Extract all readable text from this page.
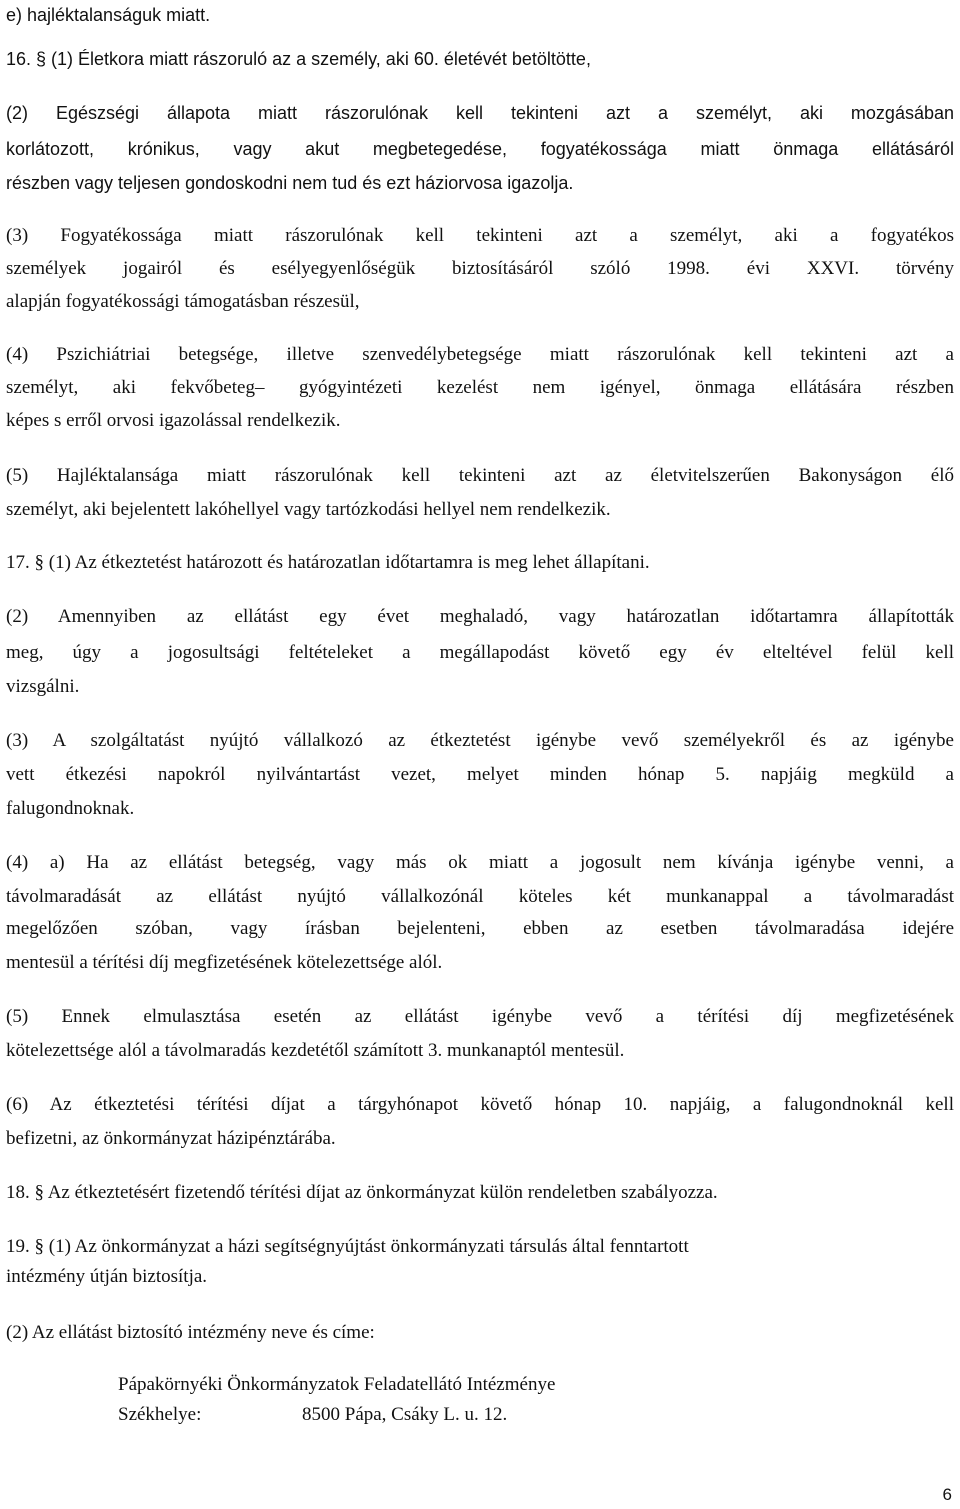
e) hajléktalanságuk miatt.

16. § (1) Életkora miatt rászoruló az a személy, aki 60. életévét betöltötte,

(2) Egészségi állapota miatt rászorulónak kell tekinteni azt a személyt, aki mozgásában

korlátozott, krónikus, vagy akut megbetegedése, fogyatékossága miatt önmaga ellátásáról

részben vagy teljesen gondoskodni nem tud és ezt háziorvosa igazolja.

(3) Fogyatékossága miatt rászorulónak kell tekinteni azt a személyt, aki a fogyatékos

személyek jogairól és esélyegyenlőségük biztosításáról szóló 1998. évi XXVI. törvény

alapján fogyatékossági támogatásban részesül,

(4) Pszichiátriai betegsége, illetve szenvedélybetegsége miatt rászorulónak kell tekinteni azt a

személyt, aki fekvőbeteg– gyógyintézeti kezelést nem igényel, önmaga ellátására részben

képes s erről orvosi igazolással rendelkezik.

(5) Hajléktalansága miatt rászorulónak kell tekinteni azt az életvitelszerűen Bakonyságon élő

személyt, aki bejelentett lakóhellyel vagy tartózkodási hellyel nem rendelkezik.

17. § (1) Az étkeztetést határozott és határozatlan időtartamra is meg lehet állapítani.

(2) Amennyiben az ellátást egy évet meghaladó, vagy határozatlan időtartamra állapították

meg, úgy a jogosultsági feltételeket a megállapodást követő egy év elteltével felül kell

vizsgálni.

(3) A szolgáltatást nyújtó vállalkozó az étkeztetést igénybe vevő személyekről és az igénybe

vett étkezési napokról nyilvántartást vezet, melyet minden hónap 5. napjáig megküld a

falugondnoknak.

(4) a) Ha az ellátást betegség, vagy más ok miatt a jogosult nem kívánja igénybe venni, a

távolmaradását az ellátást nyújtó vállalkozónál köteles két munkanappal a távolmaradást

megelőzően szóban, vagy írásban bejelenteni, ebben az esetben távolmaradása idejére

mentesül a térítési díj megfizetésének kötelezettsége alól.

(5) Ennek elmulasztása esetén az ellátást igénybe vevő a térítési díj megfizetésének

kötelezettsége alól a távolmaradás kezdetétől számított 3. munkanaptól mentesül.

(6) Az étkeztetési térítési díjat a tárgyhónapot követő hónap 10. napjáig, a falugondnoknál kell

befizetni, az önkormányzat házipénztárába.

18. § Az étkeztetésért fizetendő térítési díjat az önkormányzat külön rendeletben szabályozza.

19. § (1) Az önkormányzat a házi segítségnyújtást önkormányzati társulás által fenntartott

intézmény útján biztosítja.

(2) Az ellátást biztosító intézmény neve és címe:

Pápakörnyéki Önkormányzatok Feladatellátó Intézménye

Székhelye:	8500 Pápa, Csáky L. u. 12.

6
